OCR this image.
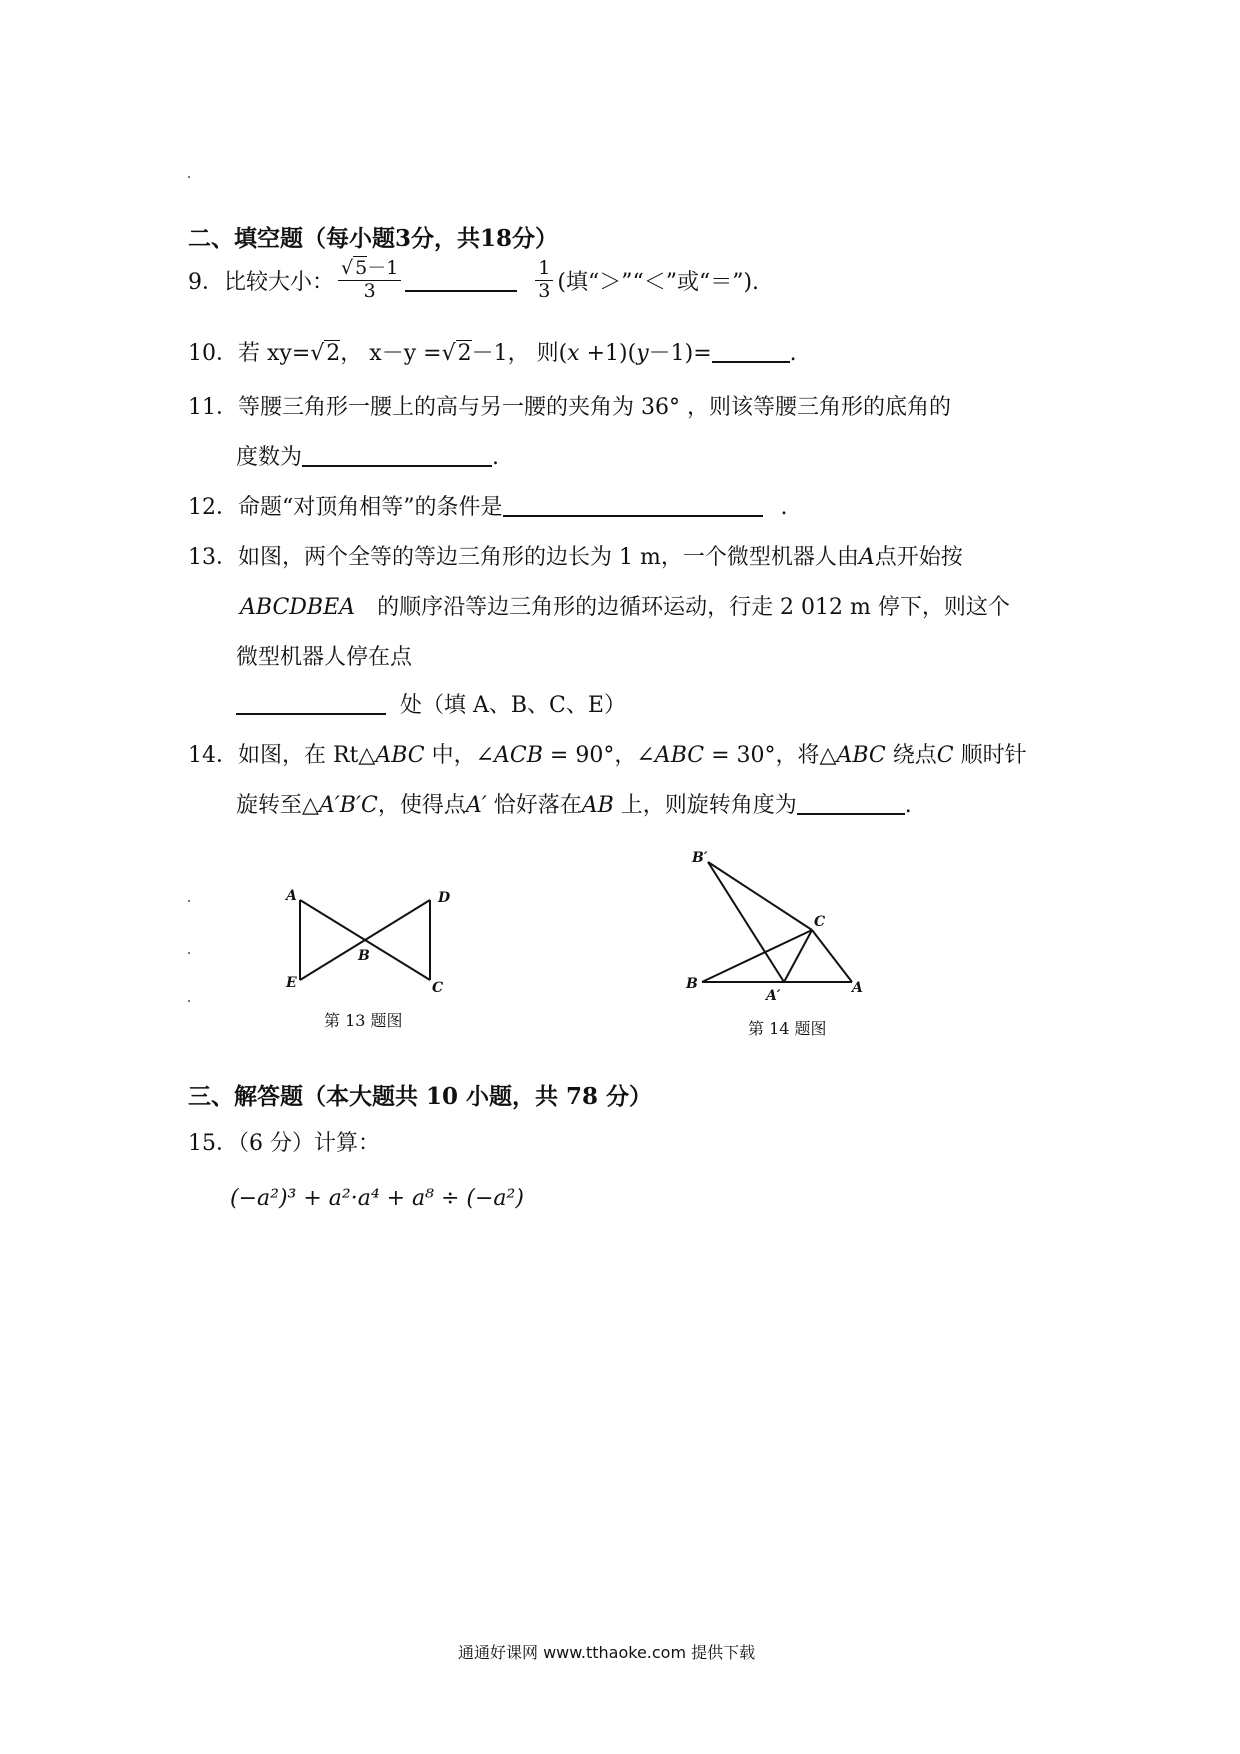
二、填空题（每小题3分，共18分）
9．比较大小： $\frac{√ 5-1}{3}$	$\frac{1}{3}$ (填“＞”“＜”或“＝”).
10．若 xy=√2， x－y =√2－1， 则(x +1)(y－1)=	.
11．等腰三角形一腰上的高与另一腰的夹角为 36° ，则该等腰三角形的底角的
度数为	.
12．命题“对顶角相等”的条件是	.
13．如图，两个全等的等边三角形的边长为 1 m，一个微型机器人由A点开始按
ABCDBEA 的顺序沿等边三角形的边循环运动，行走 2 012 m 停下，则这个
微型机器人停在点
处（填 A、B、C、E）
14．如图，在 Rt△ABC 中，∠ACB = 90°，∠ABC = 30°，将△ABC 绕点C 顺时针
旋转至△A′B′C，使得点A′ 恰好落在AB 上，则旋转角度为	.
A	D
B
E	C
第 13 题图
B′
C
B
A′	A
第 14 题图
三、解答题（本大题共 10 小题，共 78 分）
15．（6 分）计算：
(−a²)³ + a²·a⁴ + a⁸ ÷ (−a²)
通通好课网 www.tthaoke.com 提供下载
